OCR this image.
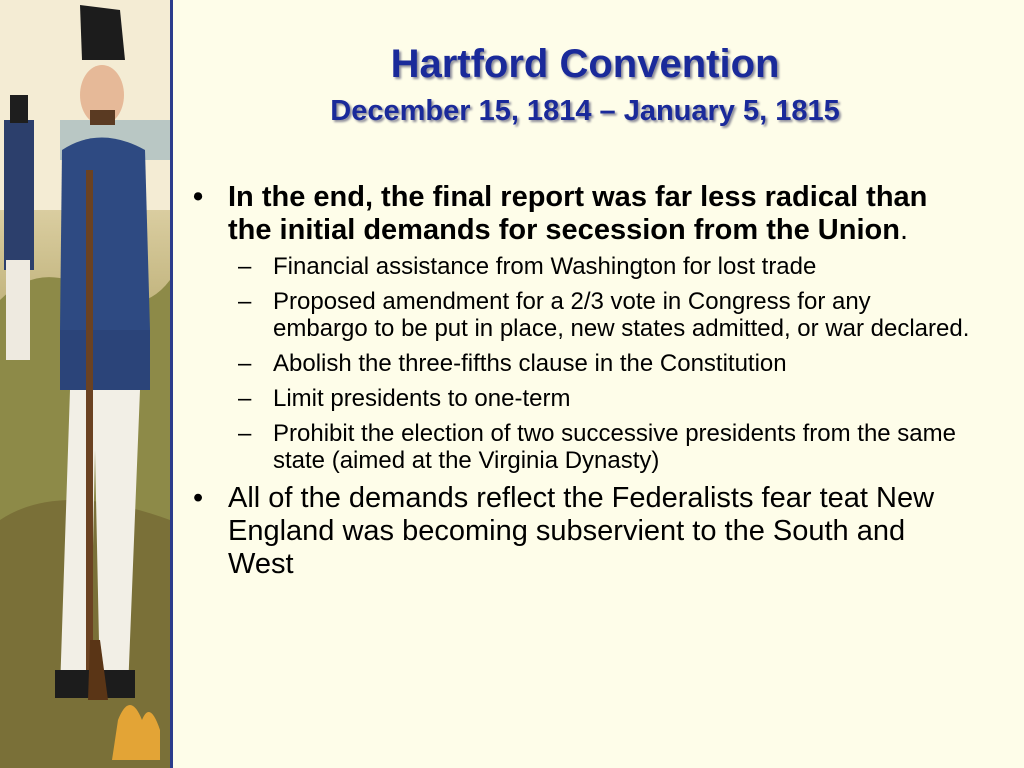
Hartford Convention
December 15, 1814 – January 5, 1815
• In the end, the final report was far less radical than the initial demands for secession from the Union.
– Financial assistance from Washington for lost trade
– Proposed amendment for a 2/3 vote in Congress for any embargo to be put in place, new states admitted, or war declared.
– Abolish the three-fifths clause in the Constitution
– Limit presidents to one-term
– Prohibit the election of two successive presidents from the same state (aimed at the Virginia Dynasty)
• All of the demands reflect the Federalists fear teat New England was becoming subservient to the South and West
